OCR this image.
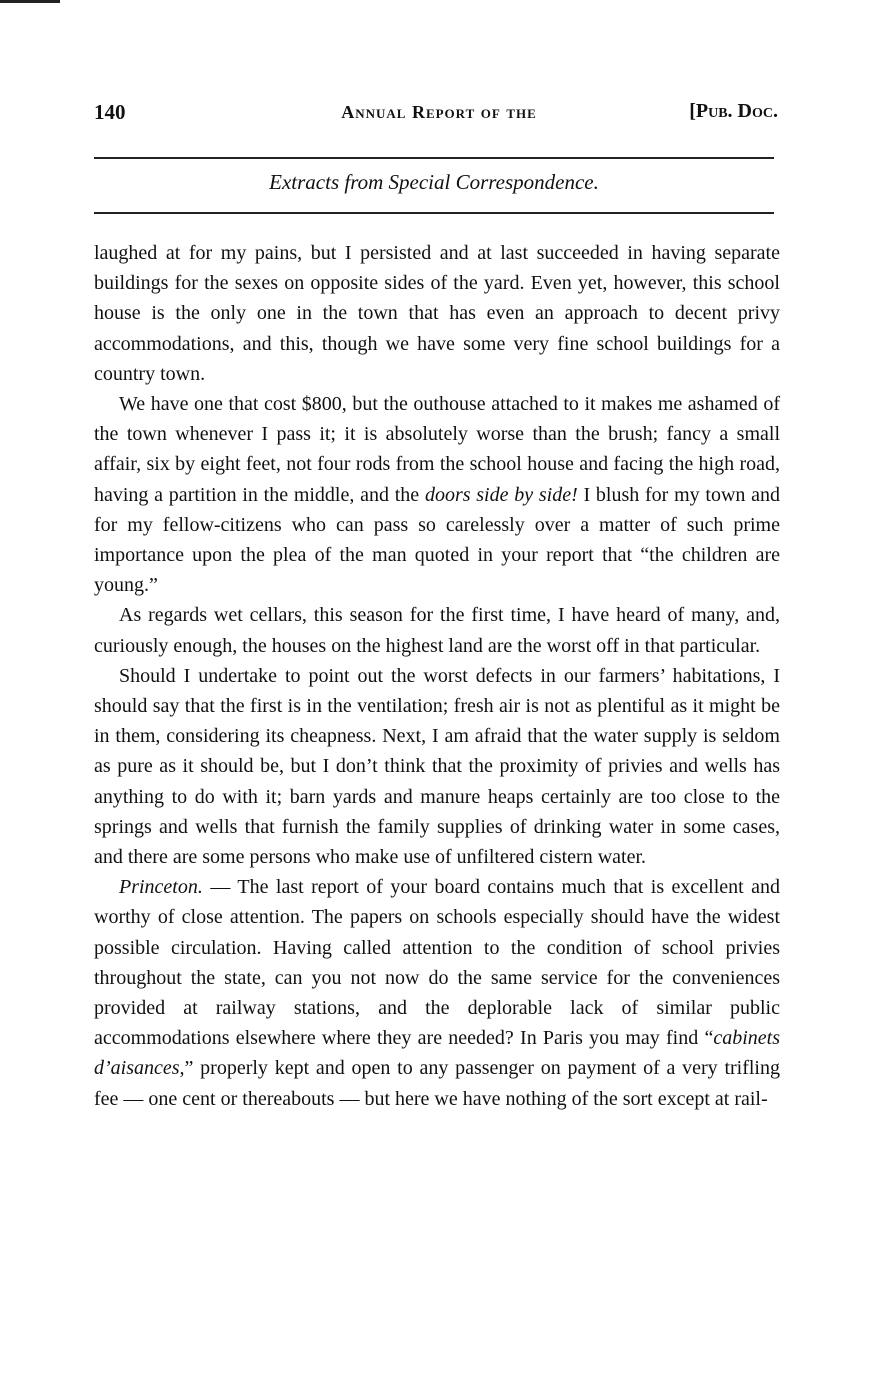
140	Annual Report of the	[Pub. Doc.
Extracts from Special Correspondence.

laughed at for my pains, but I persisted and at last succeeded in having separate buildings for the sexes on opposite sides of the yard. Even yet, however, this school house is the only one in the town that has even an approach to decent privy accommodations, and this, though we have some very fine school buildings for a country town.

We have one that cost $800, but the outhouse attached to it makes me ashamed of the town whenever I pass it; it is absolutely worse than the brush; fancy a small affair, six by eight feet, not four rods from the school house and facing the high road, having a partition in the middle, and the doors side by side! I blush for my town and for my fellow-citizens who can pass so carelessly over a matter of such prime importance upon the plea of the man quoted in your report that “the children are young.”

As regards wet cellars, this season for the first time, I have heard of many, and, curiously enough, the houses on the highest land are the worst off in that particular.

Should I undertake to point out the worst defects in our farmers’ habitations, I should say that the first is in the ventilation; fresh air is not as plentiful as it might be in them, considering its cheapness. Next, I am afraid that the water supply is seldom as pure as it should be, but I don’t think that the proximity of privies and wells has anything to do with it; barn yards and manure heaps certainly are too close to the springs and wells that furnish the family supplies of drinking water in some cases, and there are some persons who make use of unfiltered cistern water.

Princeton. — The last report of your board contains much that is excellent and worthy of close attention. The papers on schools especially should have the widest possible circulation. Having called attention to the condition of school privies throughout the state, can you not now do the same service for the conveniences provided at railway stations, and the deplorable lack of similar public accommodations elsewhere where they are needed? In Paris you may find “cabinets d’aisances,” properly kept and open to any passenger on payment of a very trifling fee — one cent or thereabouts — but here we have nothing of the sort except at rail-
